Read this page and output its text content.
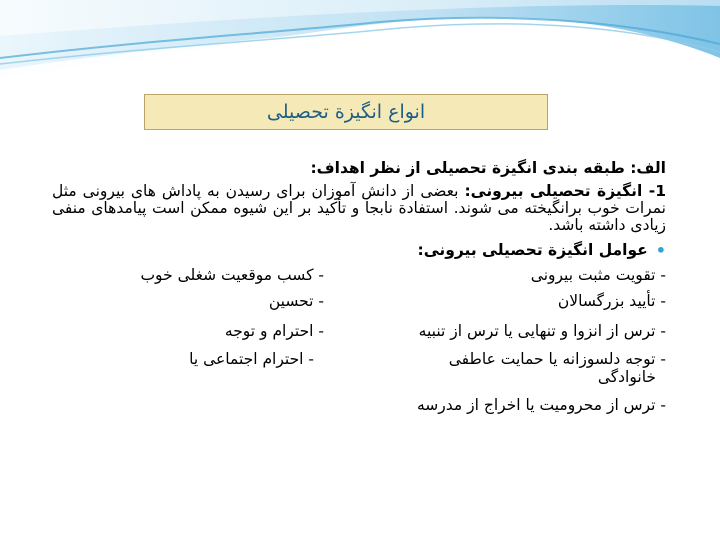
انواع انگیزة تحصیلی
الف: طبقه بندی انگیزة تحصیلی از نظر اهداف:
1- انگیزة تحصیلی بیرونی: بعضی از دانش آموزان برای رسیدن به پاداش های بیرونی مثل نمرات خوب برانگیخته می شوند. استفادة نابجا و تأکید بر این شیوه ممکن است پیامدهای منفی زیادی داشته باشد.
•
عوامل انگیزة تحصیلی بیرونی:
- تقویت مثبت بیرونی
- تأیید بزرگسالان
- ترس از انزوا و تنهایی یا ترس از تنبیه
- توجه دلسوزانه یا حمایت عاطفی
خانوادگی
- ترس از محرومیت یا اخراج از مدرسه
- کسب موقعیت شغلی خوب
- تحسین
- احترام و توجه
- احترام اجتماعی یا
